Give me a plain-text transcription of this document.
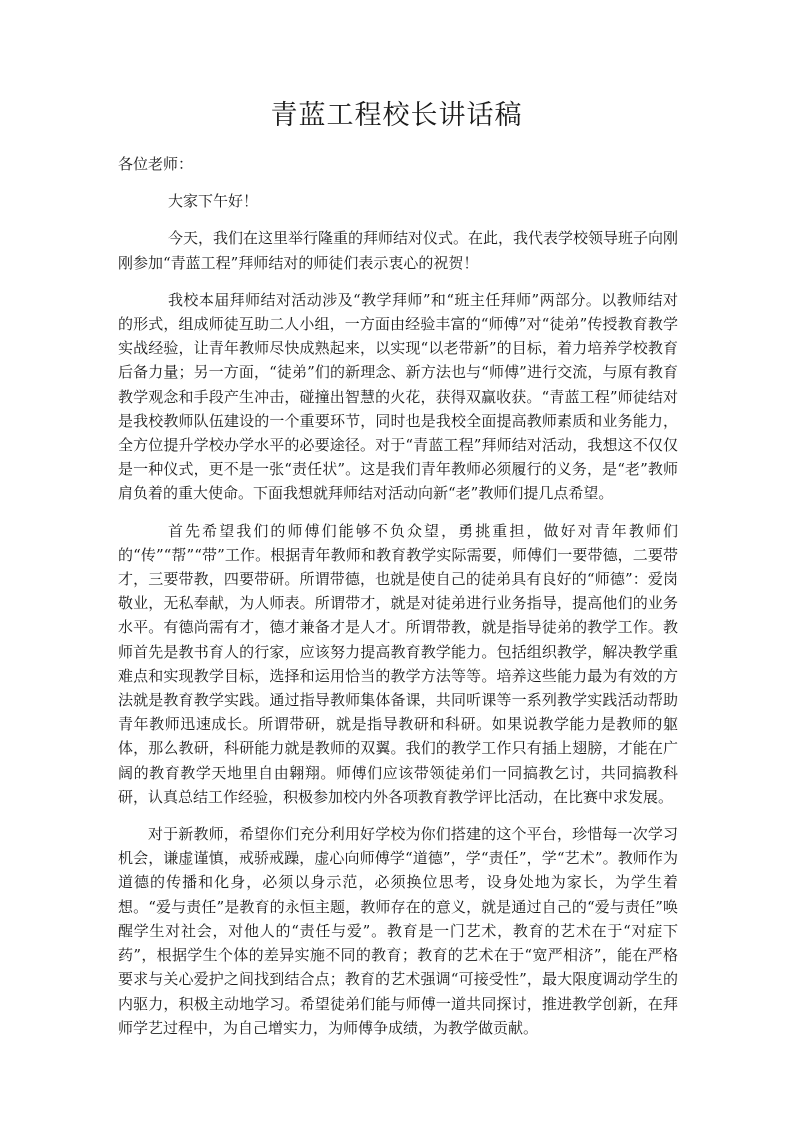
青蓝工程校长讲话稿

各位老师：

大家下午好！

今天，我们在这里举行隆重的拜师结对仪式。在此，我代表学校领导班子向刚刚参加“青蓝工程”拜师结对的师徒们表示衷心的祝贺！

我校本届拜师结对活动涉及“教学拜师”和“班主任拜师”两部分。以教师结对的形式，组成师徒互助二人小组，一方面由经验丰富的“师傅”对“徒弟”传授教育教学实战经验，让青年教师尽快成熟起来，以实现“以老带新”的目标，着力培养学校教育后备力量；另一方面，“徒弟”们的新理念、新方法也与“师傅”进行交流，与原有教育教学观念和手段产生冲击，碰撞出智慧的火花，获得双赢收获。“青蓝工程”师徒结对是我校教师队伍建设的一个重要环节，同时也是我校全面提高教师素质和业务能力，全方位提升学校办学水平的必要途径。对于“青蓝工程”拜师结对活动，我想这不仅仅是一种仪式，更不是一张“责任状”。这是我们青年教师必须履行的义务，是“老”教师肩负着的重大使命。下面我想就拜师结对活动向新“老”教师们提几点希望。

首先希望我们的师傅们能够不负众望，勇挑重担，做好对青年教师们的“传”“帮”“带”工作。根据青年教师和教育教学实际需要，师傅们一要带德，二要带才，三要带教，四要带研。所谓带德，也就是使自己的徒弟具有良好的“师德”：爱岗敬业，无私奉献，为人师表。所谓带才，就是对徒弟进行业务指导，提高他们的业务水平。有德尚需有才，德才兼备才是人才。所谓带教，就是指导徒弟的教学工作。教师首先是教书育人的行家，应该努力提高教育教学能力。包括组织教学，解决教学重难点和实现教学目标，选择和运用恰当的教学方法等等。培养这些能力最为有效的方法就是教育教学实践。通过指导教师集体备课，共同听课等一系列教学实践活动帮助青年教师迅速成长。所谓带研，就是指导教研和科研。如果说教学能力是教师的躯体，那么教研，科研能力就是教师的双翼。我们的教学工作只有插上翅膀，才能在广阔的教育教学天地里自由翱翔。师傅们应该带领徒弟们一同搞教乞讨，共同搞教科研，认真总结工作经验，积极参加校内外各项教育教学评比活动，在比赛中求发展。

对于新教师，希望你们充分利用好学校为你们搭建的这个平台，珍惜每一次学习机会，谦虚谨慎，戒骄戒躁，虚心向师傅学“道德”，学“责任”，学“艺术”。教师作为道德的传播和化身，必须以身示范，必须换位思考，设身处地为家长，为学生着想。“爱与责任”是教育的永恒主题，教师存在的意义，就是通过自己的“爱与责任”唤醒学生对社会，对他人的“责任与爱”。教育是一门艺术，教育的艺术在于“对症下药”，根据学生个体的差异实施不同的教育；教育的艺术在于“宽严相济”，能在严格要求与关心爱护之间找到结合点；教育的艺术强调“可接受性”，最大限度调动学生的内驱力，积极主动地学习。希望徒弟们能与师傅一道共同探讨，推进教学创新，在拜师学艺过程中，为自己增实力，为师傅争成绩，为教学做贡献。
